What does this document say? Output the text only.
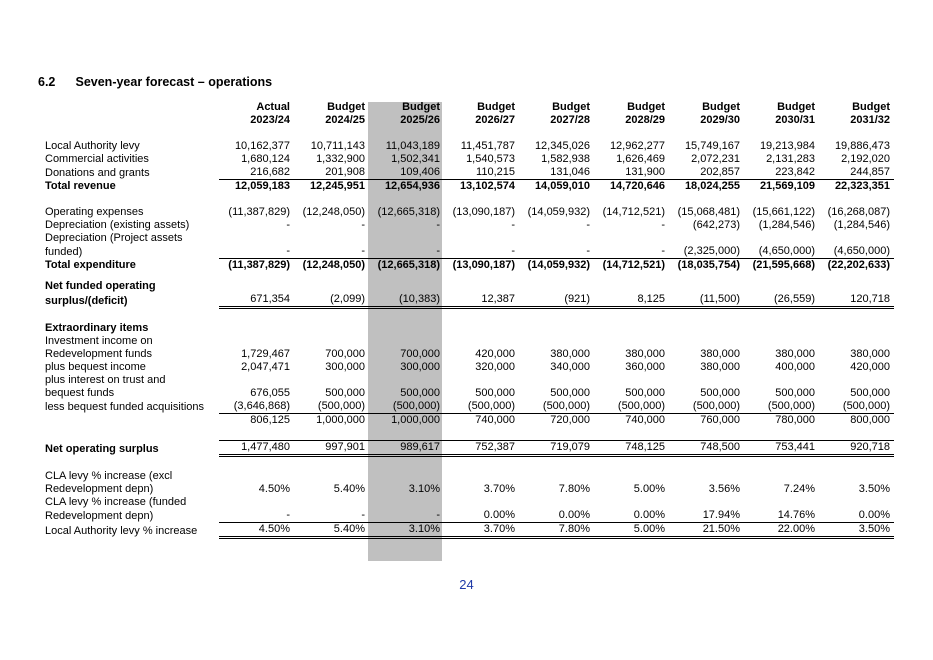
6.2 Seven-year forecast – operations
	Actual	Budget	Budget	Budget	Budget	Budget	Budget	Budget	Budget
	2023/24	2024/25	2025/26	2026/27	2027/28	2028/29	2029/30	2030/31	2031/32

Local Authority levy	10,162,377	10,711,143	11,043,189	11,451,787	12,345,026	12,962,277	15,749,167	19,213,984	19,886,473
Commercial activities	1,680,124	1,332,900	1,502,341	1,540,573	1,582,938	1,626,469	2,072,231	2,131,283	2,192,020
Donations and grants	216,682	201,908	109,406	110,215	131,046	131,900	202,857	223,842	244,857
Total revenue	12,059,183	12,245,951	12,654,936	13,102,574	14,059,010	14,720,646	18,024,255	21,569,109	22,323,351

Operating expenses	(11,387,829)	(12,248,050)	(12,665,318)	(13,090,187)	(14,059,932)	(14,712,521)	(15,068,481)	(15,661,122)	(16,268,087)
Depreciation (existing assets)	-	-	-	-	-	-	(642,273)	(1,284,546)	(1,284,546)
Depreciation (Project assets									
funded)	-	-	-	-	-	-	(2,325,000)	(4,650,000)	(4,650,000)
Total expenditure	(11,387,829)	(12,248,050)	(12,665,318)	(13,090,187)	(14,059,932)	(14,712,521)	(18,035,754)	(21,595,668)	(22,202,633)

Net funded operating									
surplus/(deficit)	671,354	(2,099)	(10,383)	12,387	(921)	8,125	(11,500)	(26,559)	120,718

Extraordinary items									
Investment income on									
Redevelopment funds	1,729,467	700,000	700,000	420,000	380,000	380,000	380,000	380,000	380,000
plus bequest income	2,047,471	300,000	300,000	320,000	340,000	360,000	380,000	400,000	420,000
plus interest on trust and									
bequest funds	676,055	500,000	500,000	500,000	500,000	500,000	500,000	500,000	500,000
less bequest funded acquisitions	(3,646,868)	(500,000)	(500,000)	(500,000)	(500,000)	(500,000)	(500,000)	(500,000)	(500,000)
	806,125	1,000,000	1,000,000	740,000	720,000	740,000	760,000	780,000	800,000

Net operating surplus	1,477,480	997,901	989,617	752,387	719,079	748,125	748,500	753,441	920,718

CLA levy % increase (excl									
Redevelopment depn)	4.50%	5.40%	3.10%	3.70%	7.80%	5.00%	3.56%	7.24%	3.50%
CLA levy % increase (funded									
Redevelopment depn)	-	-	-	0.00%	0.00%	0.00%	17.94%	14.76%	0.00%
Local Authority levy % increase	4.50%	5.40%	3.10%	3.70%	7.80%	5.00%	21.50%	22.00%	3.50%
24
